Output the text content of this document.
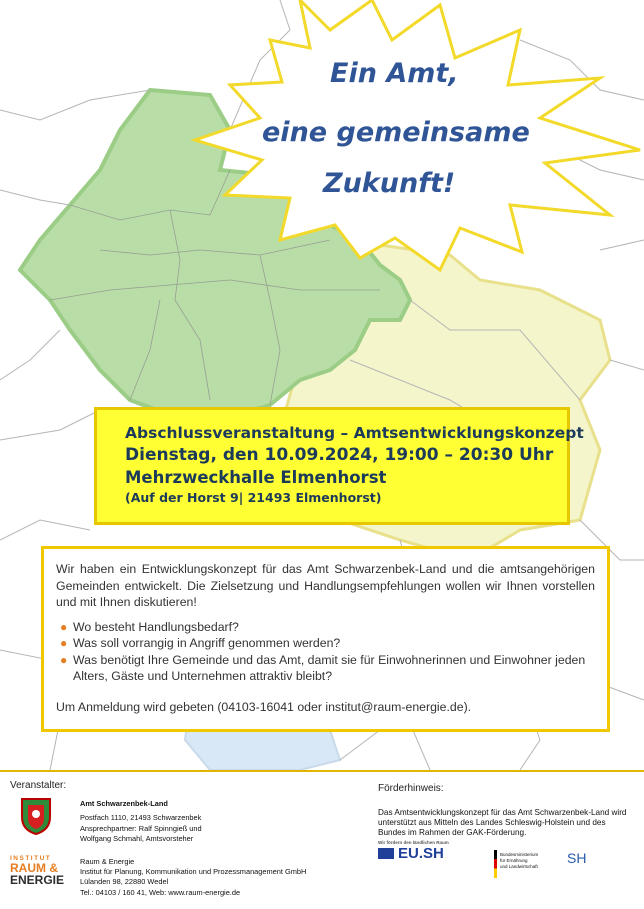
Ein Amt,
eine gemeinsame
Zukunft!
Abschlussveranstaltung – Amtsentwicklungskonzept
Dienstag, den 10.09.2024, 19:00 – 20:30 Uhr
Mehrzweckhalle Elmenhorst
(Auf der Horst 9| 21493 Elmenhorst)

Wir haben ein Entwicklungskonzept für das Amt Schwarzenbek-Land und die amtsangehörigen Gemeinden entwickelt. Die Zielsetzung und Handlungsempfehlungen wollen wir Ihnen vorstellen und mit Ihnen diskutieren!

● Wo besteht Handlungsbedarf?
● Was soll vorrangig in Angriff genommen werden?
● Was benötigt Ihre Gemeinde und das Amt, damit sie für Einwohnerinnen und Einwohner jeden Alters, Gäste und Unternehmen attraktiv bleibt?

Um Anmeldung wird gebeten (04103-16041 oder institut@raum-energie.de).

Veranstalter:
Amt Schwarzenbek-Land
Postfach 1110, 21493 Schwarzenbek
Ansprechpartner: Ralf Spinngieß und
Wolfgang Schmahl, Amtsvorsteher
INSTITUT
RAUM &
ENERGIE
Raum & Energie
Institut für Planung, Kommunikation und Prozessmanagement GmbH
Lülanden 98, 22880 Wedel
Tel.: 04103 / 160 41, Web: www.raum-energie.de
Förderhinweis:
Das Amtsentwicklungskonzept für das Amt Schwarzenbek-Land wird unterstützt aus Mitteln des Landes Schleswig-Holstein und des Bundes im Rahmen der GAK-Förderung.
Wir fördern den ländlichen Raum
EU.SH	Bundesministerium
für Ernährung
und Landwirtschaft
SH
